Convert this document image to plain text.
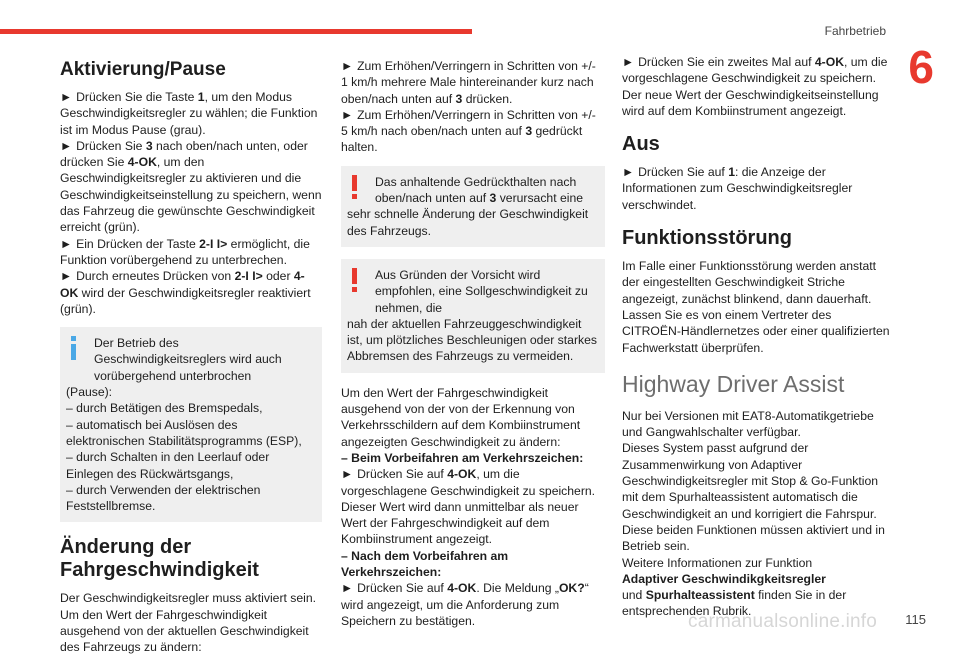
Fahrbetrieb
6
Aktivierung/Pause

► Drücken Sie die Taste 1, um den Modus Geschwindigkeitsregler zu wählen; die Funktion ist im Modus Pause (grau).
► Drücken Sie 3 nach oben/nach unten, oder drücken Sie 4-OK, um den Geschwindigkeitsregler zu aktivieren und die Geschwindigkeitseinstellung zu speichern, wenn das Fahrzeug die gewünschte Geschwindigkeit erreicht (grün).
► Ein Drücken der Taste 2-I I> ermöglicht, die Funktion vorübergehend zu unterbrechen.
► Durch erneutes Drücken von 2-I I> oder 4-OK wird der Geschwindigkeitsregler reaktiviert (grün).

Der Betrieb des Geschwindigkeitsreglers wird auch vorübergehend unterbrochen
(Pause):
– durch Betätigen des Bremspedals,
– automatisch bei Auslösen des elektronischen Stabilitätsprogramms (ESP),
– durch Schalten in den Leerlauf oder Einlegen des Rückwärtsgangs,
– durch Verwenden der elektrischen Feststellbremse.
Änderung der Fahrgeschwindigkeit

Der Geschwindigkeitsregler muss aktiviert sein. Um den Wert der Fahrgeschwindigkeit ausgehend von der aktuellen Geschwindigkeit des Fahrzeugs zu ändern:

► Zum Erhöhen/Verringern in Schritten von +/- 1 km/h mehrere Male hintereinander kurz nach oben/nach unten auf 3 drücken.
► Zum Erhöhen/Verringern in Schritten von +/- 5 km/h nach oben/nach unten auf 3 gedrückt halten.

Das anhaltende Gedrückthalten nach oben/nach unten auf 3 verursacht eine
sehr schnelle Änderung der Geschwindigkeit des Fahrzeugs.
Aus Gründen der Vorsicht wird empfohlen, eine Sollgeschwindigkeit zu nehmen, die
nah der aktuellen Fahrzeuggeschwindigkeit ist, um plötzliches Beschleunigen oder starkes Abbremsen des Fahrzeugs zu vermeiden.

Um den Wert der Fahrgeschwindigkeit ausgehend von der von der Erkennung von Verkehrsschildern auf dem Kombiinstrument angezeigten Geschwindigkeit zu ändern:
– Beim Vorbeifahren am Verkehrszeichen:
► Drücken Sie auf 4-OK, um die vorgeschlagene Geschwindigkeit zu speichern. Dieser Wert wird dann unmittelbar als neuer Wert der Fahrgeschwindigkeit auf dem Kombiinstrument angezeigt.
– Nach dem Vorbeifahren am Verkehrszeichen:
► Drücken Sie auf 4-OK. Die Meldung „OK?“ wird angezeigt, um die Anforderung zum Speichern zu bestätigen.

► Drücken Sie ein zweites Mal auf 4-OK, um die vorgeschlagene Geschwindigkeit zu speichern.
Der neue Wert der Geschwindigkeitseinstellung wird auf dem Kombiinstrument angezeigt.

Aus

► Drücken Sie auf 1: die Anzeige der Informationen zum Geschwindigkeitsregler verschwindet.

Funktionsstörung

Im Falle einer Funktionsstörung werden anstatt der eingestellten Geschwindigkeit Striche angezeigt, zunächst blinkend, dann dauerhaft.
Lassen Sie es von einem Vertreter des CITROËN-Händlernetzes oder einer qualifizierten Fachwerkstatt überprüfen.

Highway Driver Assist

Nur bei Versionen mit EAT8-Automatikgetriebe und Gangwahlschalter verfügbar.
Dieses System passt aufgrund der Zusammenwirkung von Adaptiver Geschwindigkeitsregler mit Stop & Go-Funktion mit dem Spurhalteassistent automatisch die Geschwindigkeit an und korrigiert die Fahrspur.
Diese beiden Funktionen müssen aktiviert und in Betrieb sein.
Weitere Informationen zur Funktion
Adaptiver Geschwindikgkeitsregler
und Spurhalteassistent finden Sie in der entsprechenden Rubrik.

carmanualsonline.info 115
